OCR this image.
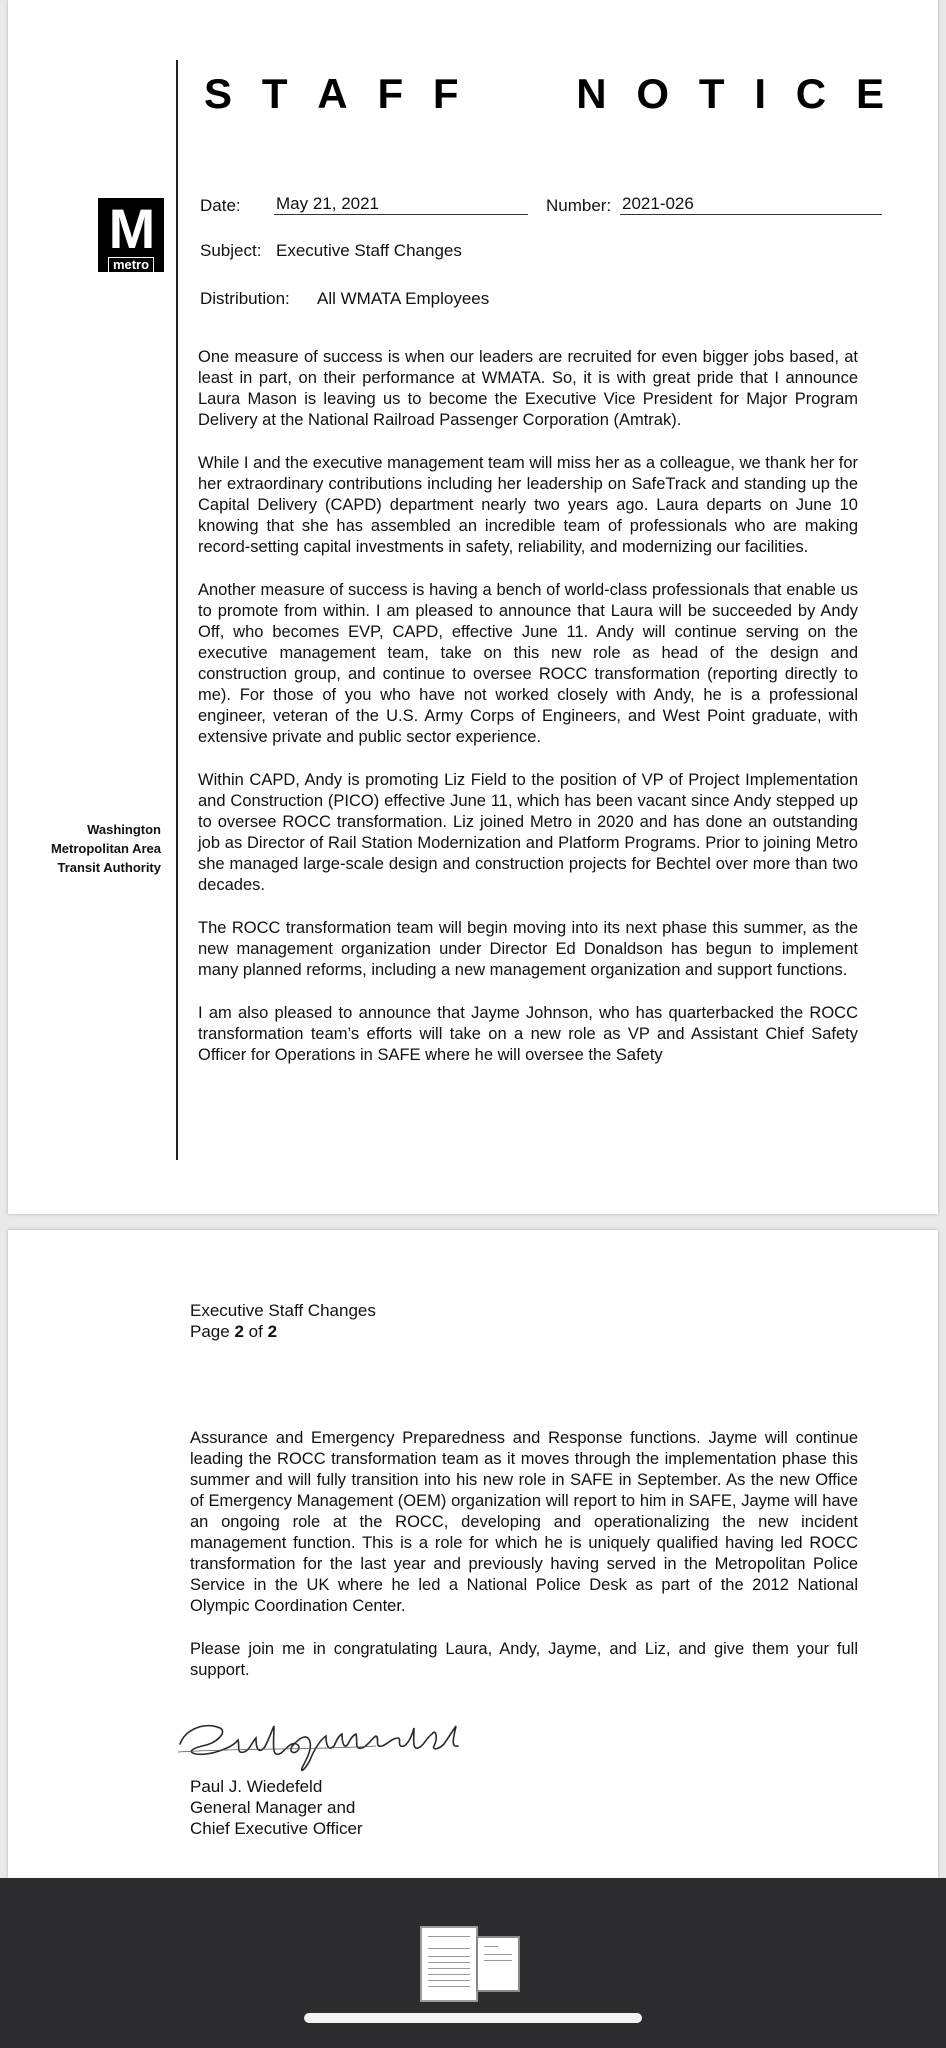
S T A F F	N O T I C E
M
metro
Washington
Metropolitan Area
Transit Authority
Date: May 21, 2021	Number: 2021-026
Subject: Executive Staff Changes
Distribution: All WMATA Employees

One measure of success is when our leaders are recruited for even bigger jobs based, at least in part, on their performance at WMATA. So, it is with great pride that I announce Laura Mason is leaving us to become the Executive Vice President for Major Program Delivery at the National Railroad Passenger Corporation (Amtrak).

While I and the executive management team will miss her as a colleague, we thank her for her extraordinary contributions including her leadership on SafeTrack and standing up the Capital Delivery (CAPD) department nearly two years ago. Laura departs on June 10 knowing that she has assembled an incredible team of professionals who are making record-setting capital investments in safety, reliability, and modernizing our facilities.

Another measure of success is having a bench of world-class professionals that enable us to promote from within. I am pleased to announce that Laura will be succeeded by Andy Off, who becomes EVP, CAPD, effective June 11. Andy will continue serving on the executive management team, take on this new role as head of the design and construction group, and continue to oversee ROCC transformation (reporting directly to me). For those of you who have not worked closely with Andy, he is a professional engineer, veteran of the U.S. Army Corps of Engineers, and West Point graduate, with extensive private and public sector experience.

Within CAPD, Andy is promoting Liz Field to the position of VP of Project Implementation and Construction (PICO) effective June 11, which has been vacant since Andy stepped up to oversee ROCC transformation. Liz joined Metro in 2020 and has done an outstanding job as Director of Rail Station Modernization and Platform Programs. Prior to joining Metro she managed large-scale design and construction projects for Bechtel over more than two decades.

The ROCC transformation team will begin moving into its next phase this summer, as the new management organization under Director Ed Donaldson has begun to implement many planned reforms, including a new management organization and support functions.

I am also pleased to announce that Jayme Johnson, who has quarterbacked the ROCC transformation team’s efforts will take on a new role as VP and Assistant Chief Safety Officer for Operations in SAFE where he will oversee the Safety

Executive Staff Changes
Page 2 of 2

Assurance and Emergency Preparedness and Response functions. Jayme will continue leading the ROCC transformation team as it moves through the implementation phase this summer and will fully transition into his new role in SAFE in September. As the new Office of Emergency Management (OEM) organization will report to him in SAFE, Jayme will have an ongoing role at the ROCC, developing and operationalizing the new incident management function. This is a role for which he is uniquely qualified having led ROCC transformation for the last year and previously having served in the Metropolitan Police Service in the UK where he led a National Police Desk as part of the 2012 National Olympic Coordination Center.

Please join me in congratulating Laura, Andy, Jayme, and Liz, and give them your full support.

Paul J. Wiedefeld
General Manager and
Chief Executive Officer
